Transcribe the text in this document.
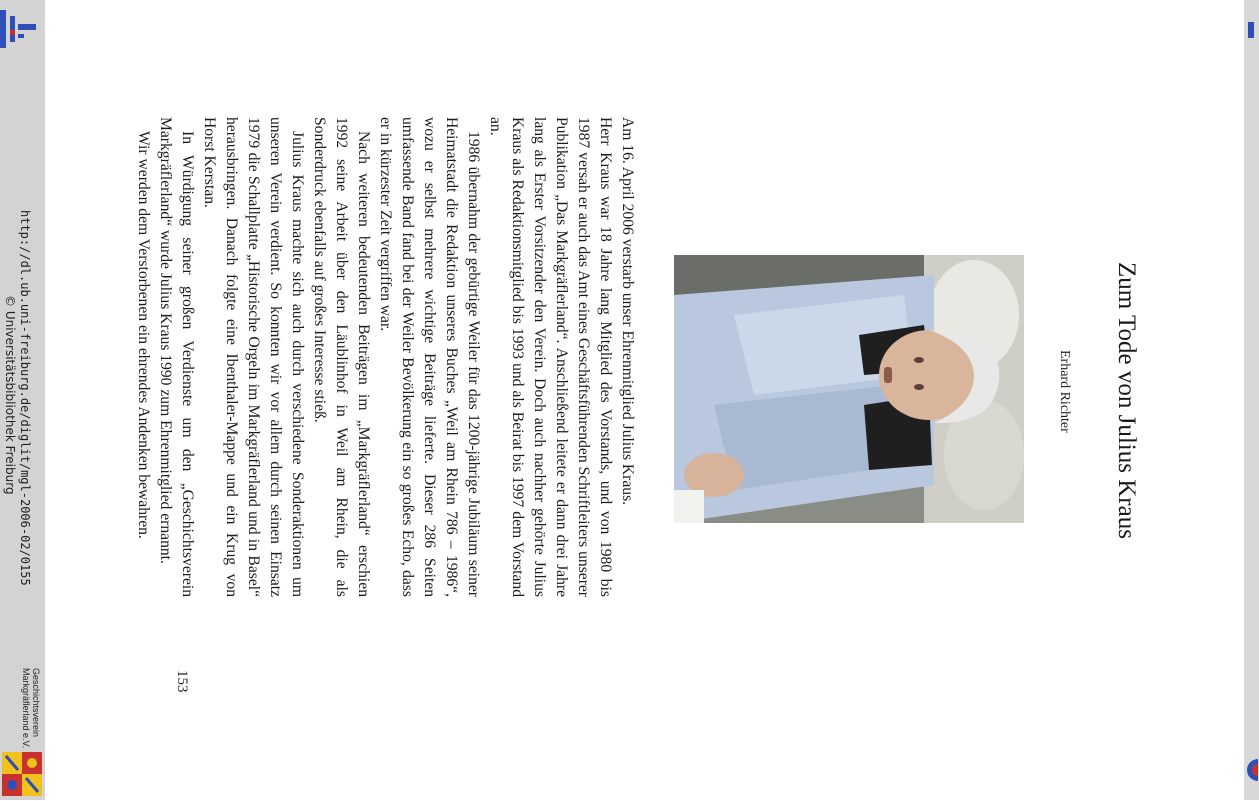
http://dl.ub.uni-freiburg.de/diglit/mgl-2006-02/0155
© Universitätsbibliothek Freiburg
Geschichtsverein
Markgräflerland e.V.
Zum Tode von Julius Kraus
Erhard Richter

Am 16. April 2006 verstarb unser Ehrenmitglied Julius Kraus.

Herr Kraus war 18 Jahre lang Mitglied des Vorstands, und von 1980 bis 1987 versah er auch das Amt eines Geschäftsführenden Schriftleiters unserer Publikation „Das Markgräflerland“. Anschließend leitete er dann drei Jahre lang als Erster Vorsitzender den Verein. Doch auch nachher gehörte Julius Kraus als Redaktionsmitglied bis 1993 und als Beirat bis 1997 dem Vorstand an.

1986 übernahm der gebürtige Weiler für das 1200-jährige Jubiläum seiner Heimatstadt die Redaktion unseres Buches „Weil am Rhein 786 – 1986“, wozu er selbst mehrere wichtige Beiträge lieferte. Dieser 286 Seiten umfassende Band fand bei der Weiler Bevölkerung ein so großes Echo, dass er in kürzester Zeit vergriffen war.

Nach weiteren bedeutenden Beiträgen im „Markgräflerland“ erschien 1992 seine Arbeit über den Läublinhof in Weil am Rhein, die als Sonderdruck ebenfalls auf großes Interesse stieß.

Julius Kraus machte sich auch durch verschiedene Sonderaktionen um unseren Verein verdient. So konnten wir vor allem durch seinen Einsatz 1979 die Schallplatte „Historische Orgeln im Markgräflerland und in Basel“ herausbringen. Danach folgte eine Ibenthaler-Mappe und ein Krug von Horst Kerstan.

In Würdigung seiner großen Verdienste um den „Geschichtsverein Markgräflerland“ wurde Julius Kraus 1990 zum Ehrenmitglied ernannt.

Wir werden dem Verstorbenen ein ehrendes Andenken bewahren.

153
